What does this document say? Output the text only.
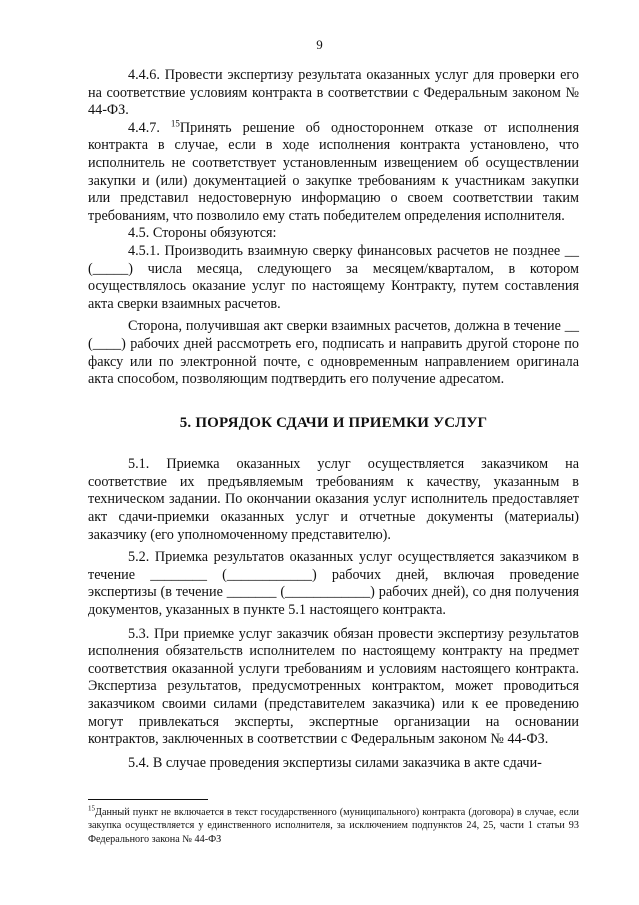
9

4.4.6. Провести экспертизу результата оказанных услуг для проверки его на соответствие условиям контракта в соответствии с Федеральным законом № 44-ФЗ.

4.4.7. $^{15}$Принять решение об одностороннем отказе от исполнения контракта в случае, если в ходе исполнения контракта установлено, что исполнитель не соответствует установленным извещением об осуществлении закупки и (или) документацией о закупке требованиям к участникам закупки или представил недостоверную информацию о своем соответствии таким требованиям, что позволило ему стать победителем определения исполнителя.

4.5. Стороны обязуются:

4.5.1. Производить взаимную сверку финансовых расчетов не позднее __ (_____) числа месяца, следующего за месяцем/кварталом, в котором осуществлялось оказание услуг по настоящему Контракту, путем составления акта сверки взаимных расчетов.

Сторона, получившая акт сверки взаимных расчетов, должна в течение __ (____) рабочих дней рассмотреть его, подписать и направить другой стороне по факсу или по электронной почте, с одновременным направлением оригинала акта способом, позволяющим подтвердить его получение адресатом.

5. ПОРЯДОК СДАЧИ И ПРИЕМКИ УСЛУГ

5.1. Приемка оказанных услуг осуществляется заказчиком на соответствие их предъявляемым требованиям к качеству, указанным в техническом задании. По окончании оказания услуг исполнитель предоставляет акт сдачи-приемки оказанных услуг и отчетные документы (материалы) заказчику (его уполномоченному представителю).

5.2. Приемка результатов оказанных услуг осуществляется заказчиком в течение ________ (____________) рабочих дней, включая проведение экспертизы (в течение _______ (____________) рабочих дней), со дня получения документов, указанных в пункте 5.1 настоящего контракта.

5.3. При приемке услуг заказчик обязан провести экспертизу результатов исполнения обязательств исполнителем по настоящему контракту на предмет соответствия оказанной услуги требованиям и условиям настоящего контракта. Экспертиза результатов, предусмотренных контрактом, может проводиться заказчиком своими силами (представителем заказчика) или к ее проведению могут привлекаться эксперты, экспертные организации на основании контрактов, заключенных в соответствии с Федеральным законом № 44-ФЗ.

5.4. В случае проведения экспертизы силами заказчика в акте сдачи-

$^{15}$Данный пункт не включается в текст государственного (муниципального) контракта (договора) в случае, если закупка осуществляется у единственного исполнителя, за исключением подпунктов 24, 25, части 1 статьи 93 Федерального закона № 44-ФЗ
